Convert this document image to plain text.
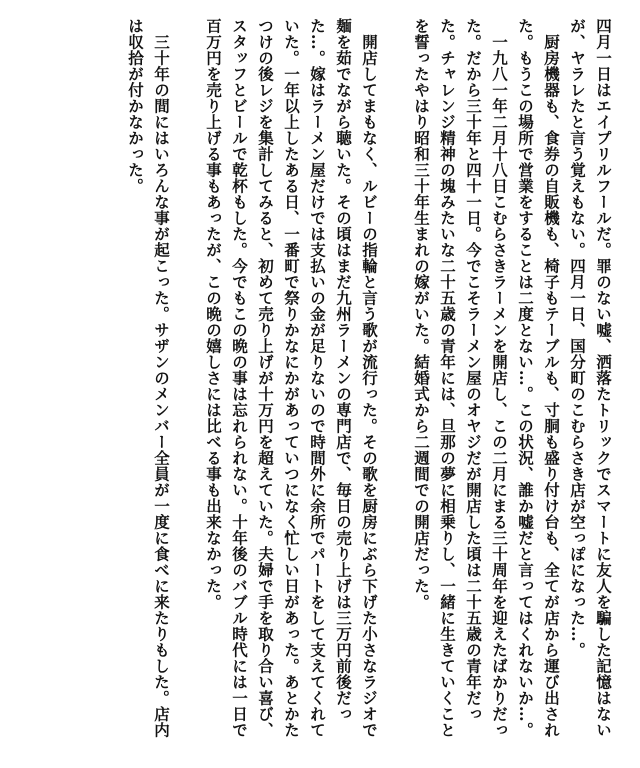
四月一日はエイプリルフールだ。罪のない嘘、洒落たトリックでスマートに友人を騙した記憶はないが、ヤラレたと言う覚えもない。四月一日、国分町のこむらさき店が空っぽになった…。

厨房機器も、食券の自販機も、椅子もテーブルも、寸胴も盛り付け台も、全てが店から運び出された。もうこの場所で営業をすることは二度とない…。この状況、誰か嘘だと言ってはくれないか…。

一九八一年二月十八日こむらさきラーメンを開店し、この二月にまる三十周年を迎えたばかりだった。だから三十年と四十一日。今でこそラーメン屋のオヤジだが開店した頃は二十五歳の青年だった。チャレンジ精神の塊みたいな二十五歳の青年には、旦那の夢に相乗りし、一緒に生きていくことを誓ったやはり昭和三十年生まれの嫁がいた。結婚式から二週間での開店だった。

開店してまもなく、ルビーの指輪と言う歌が流行った。その歌を厨房にぶら下げた小さなラジオで麺を茹でながら聴いた。その頃はまだ九州ラーメンの専門店で、毎日の売り上げは三万円前後だった…。嫁はラーメン屋だけでは支払いの金が足りないので時間外に余所でパートをして支えてくれていた。一年以上したある日、一番町で祭りかなにかがあっていつになく忙しい日があった。あとかたつけの後レジを集計してみると、初めて売り上げが十万円を超えていた。夫婦で手を取り合い喜び、スタッフとビールで乾杯もした。今でもこの晩の事は忘れられない。十年後のバブル時代には一日で百万円を売り上げる事もあったが、この晩の嬉しさには比べる事も出来なかった。

三十年の間にはいろんな事が起こった。サザンのメンバー全員が一度に食べに来たりもした。店内は収拾が付かなかった。
